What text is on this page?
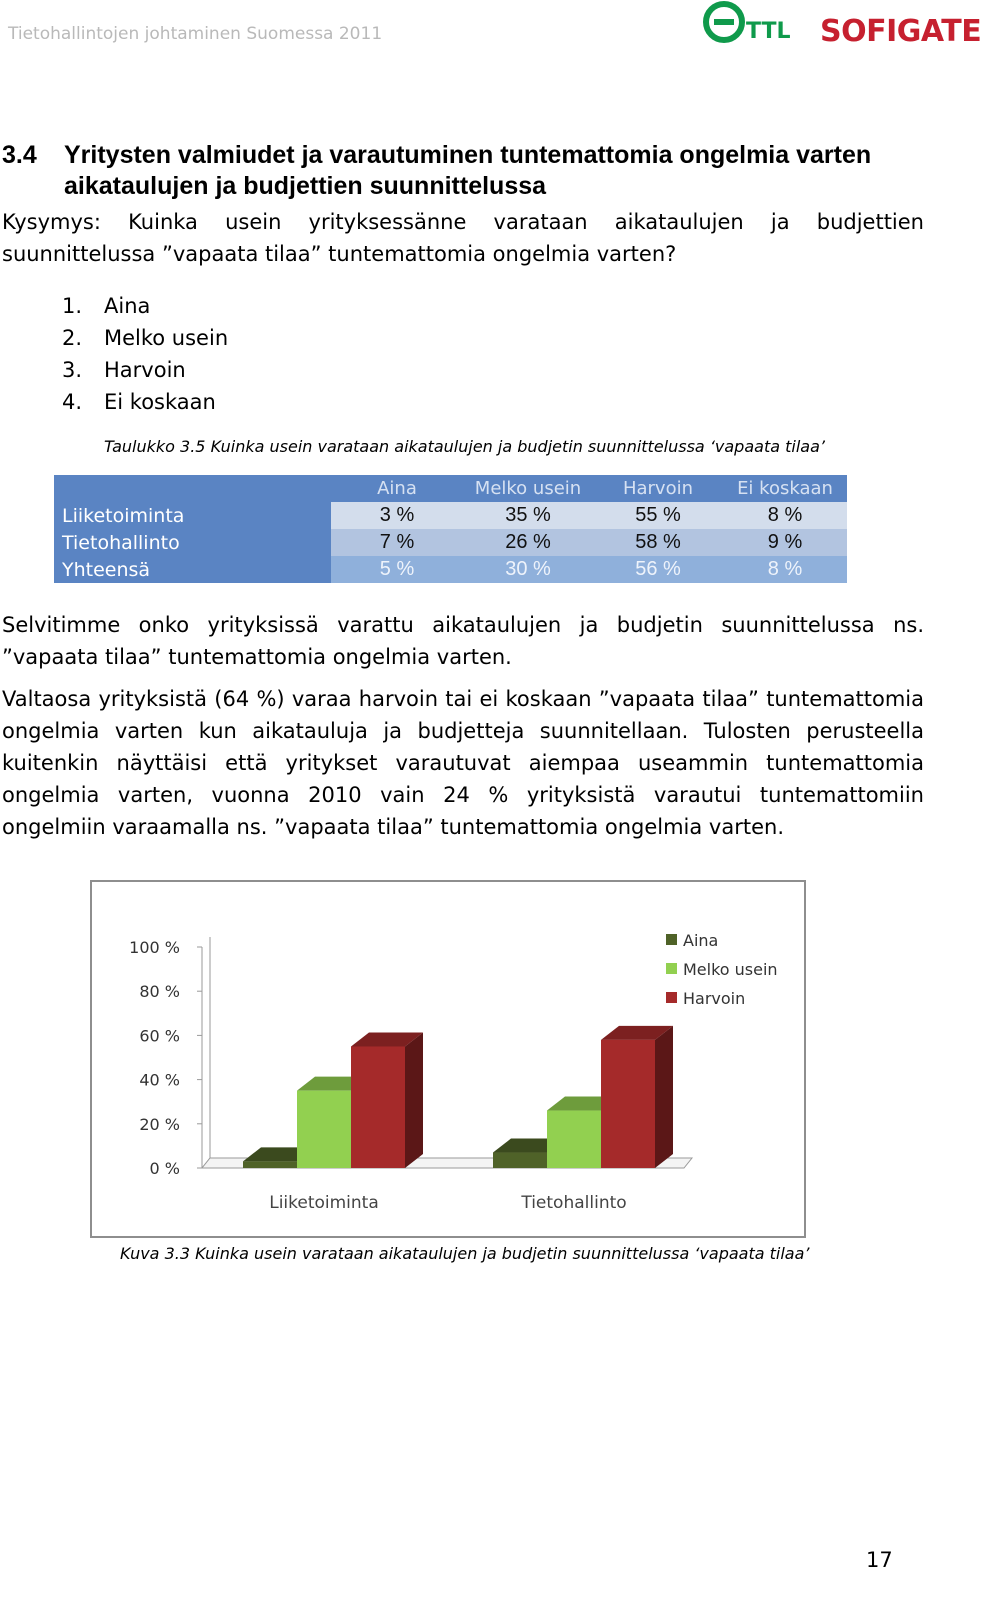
Tietohallintojen johtaminen Suomessa 2011	TTL SOFIGATE
3.4 Yritysten valmiudet ja varautuminen tuntemattomia ongelmia varten aikataulujen ja budjettien suunnittelussa
Kysymys: Kuinka usein yrityksessänne varataan aikataulujen ja budjettien suunnittelussa ”vapaata tilaa” tuntemattomia ongelmia varten?
1.	Aina
2.	Melko usein
3.	Harvoin
4.	Ei koskaan
Taulukko 3.5 Kuinka usein varataan aikataulujen ja budjetin suunnittelussa ‘vapaata tilaa’
	Aina	Melko usein	Harvoin	Ei koskaan
Liiketoiminta	3 %	35 %	55 %	8 %
Tietohallinto	7 %	26 %	58 %	9 %
Yhteensä	5 %	30 %	56 %	8 %
Selvitimme onko yrityksissä varattu aikataulujen ja budjetin suunnittelussa ns. ”vapaata tilaa” tuntemattomia ongelmia varten.
Valtaosa yrityksistä (64 %) varaa harvoin tai ei koskaan ”vapaata tilaa” tuntemattomia ongelmia varten kun aikatauluja ja budjetteja suunnitellaan. Tulosten perusteella kuitenkin näyttäisi että yritykset varautuvat aiempaa useammin tuntemattomia ongelmia varten, vuonna 2010 vain 24 % yrityksistä varautui tuntemattomiin ongelmiin varaamalla ns. ”vapaata tilaa” tuntemattomia ongelmia varten.
0 %
20 %
40 %
60 %
80 %
100 %
Liiketoiminta	Tietohallinto
Aina
Melko usein
Harvoin
Kuva 3.3 Kuinka usein varataan aikataulujen ja budjetin suunnittelussa ‘vapaata tilaa’
17
